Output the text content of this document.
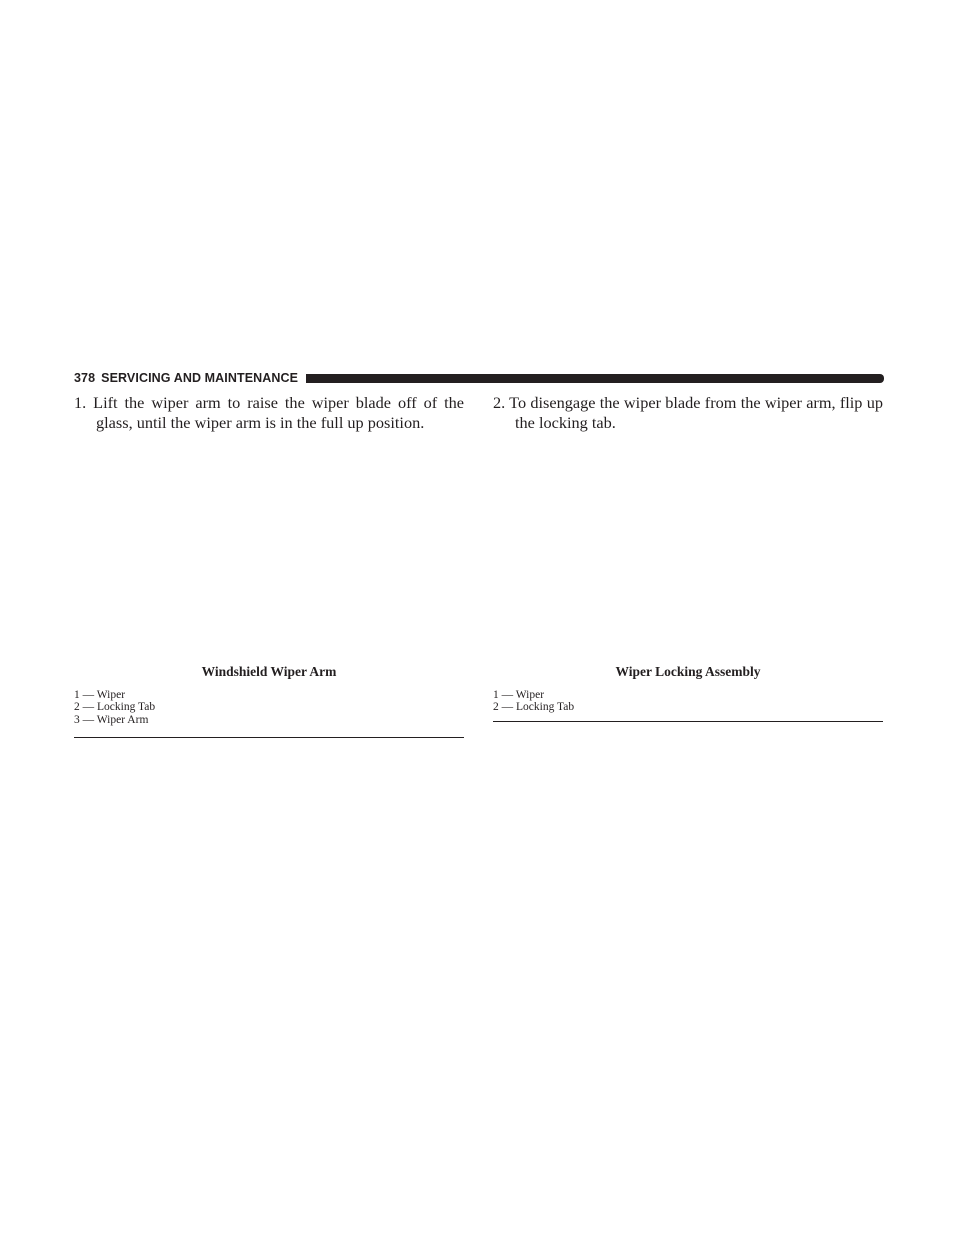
378 SERVICING AND MAINTENANCE

1. Lift the wiper arm to raise the wiper blade off of the glass, until the wiper arm is in the full up position.

2. To disengage the wiper blade from the wiper arm, flip up the locking tab.

Windshield Wiper Arm
1 — Wiper
2 — Locking Tab
3 — Wiper Arm
Wiper Locking Assembly
1 — Wiper
2 — Locking Tab
